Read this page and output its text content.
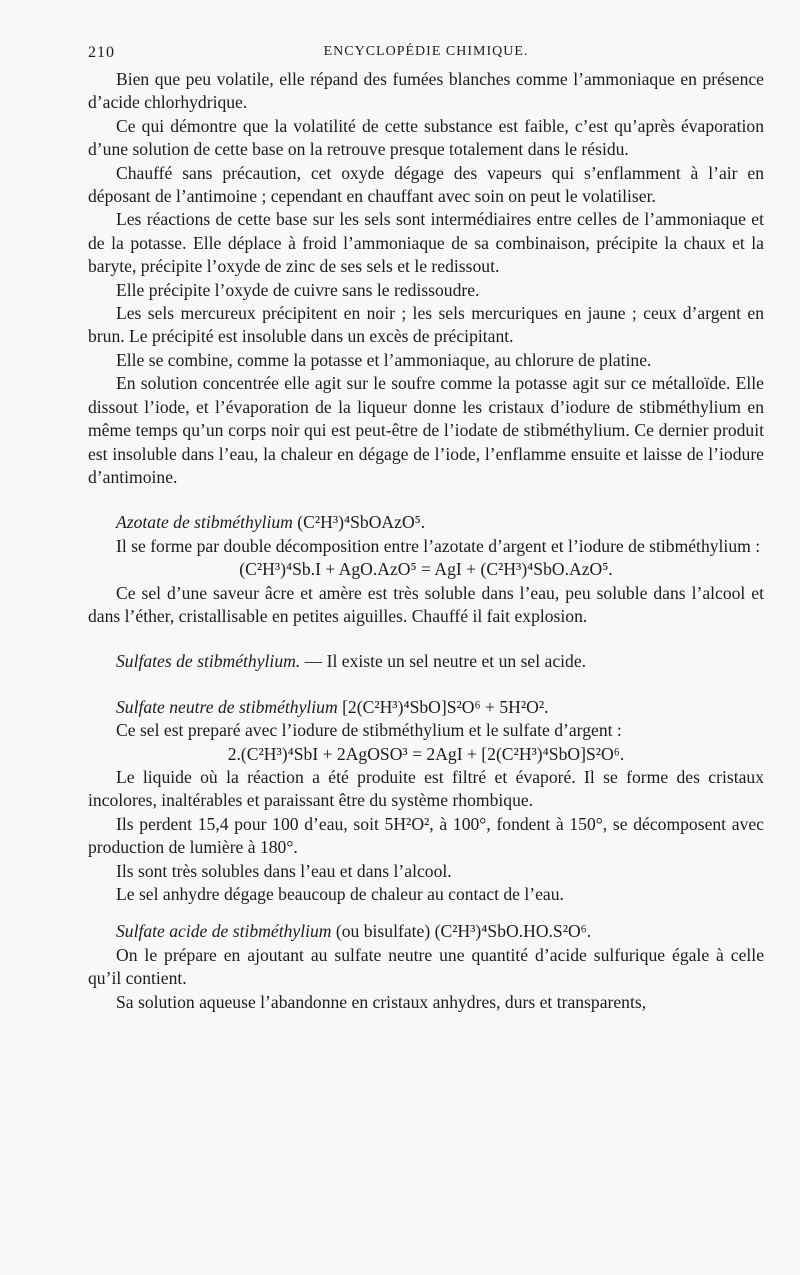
210	ENCYCLOPÉDIE CHIMIQUE.

Bien que peu volatile, elle répand des fumées blanches comme l’ammoniaque en présence d’acide chlorhydrique.

Ce qui démontre que la volatilité de cette substance est faible, c’est qu’après évaporation d’une solution de cette base on la retrouve presque totalement dans le résidu.

Chauffé sans précaution, cet oxyde dégage des vapeurs qui s’enflamment à l’air en déposant de l’antimoine ; cependant en chauffant avec soin on peut le volatiliser.

Les réactions de cette base sur les sels sont intermédiaires entre celles de l’ammoniaque et de la potasse. Elle déplace à froid l’ammoniaque de sa combinaison, précipite la chaux et la baryte, précipite l’oxyde de zinc de ses sels et le redissout.

Elle précipite l’oxyde de cuivre sans le redissoudre.

Les sels mercureux précipitent en noir ; les sels mercuriques en jaune ; ceux d’argent en brun. Le précipité est insoluble dans un excès de précipitant.

Elle se combine, comme la potasse et l’ammoniaque, au chlorure de platine.

En solution concentrée elle agit sur le soufre comme la potasse agit sur ce métalloïde. Elle dissout l’iode, et l’évaporation de la liqueur donne les cristaux d’iodure de stibméthylium en même temps qu’un corps noir qui est peut-être de l’iodate de stibméthylium. Ce dernier produit est insoluble dans l’eau, la chaleur en dégage de l’iode, l’enflamme ensuite et laisse de l’iodure d’antimoine.

Azotate de stibméthylium (C²H³)⁴SbOAzO⁵.

Il se forme par double décomposition entre l’azotate d’argent et l’iodure de stibméthylium :

(C²H³)⁴Sb.I + AgO.AzO⁵ = AgI + (C²H³)⁴SbO.AzO⁵.

Ce sel d’une saveur âcre et amère est très soluble dans l’eau, peu soluble dans l’alcool et dans l’éther, cristallisable en petites aiguilles. Chauffé il fait explosion.

Sulfates de stibméthylium. — Il existe un sel neutre et un sel acide.

Sulfate neutre de stibméthylium [2(C²H³)⁴SbO]S²O⁶ + 5H²O².

Ce sel est preparé avec l’iodure de stibméthylium et le sulfate d’argent :

2.(C²H³)⁴SbI + 2AgOSO³ = 2AgI + [2(C²H³)⁴SbO]S²O⁶.

Le liquide où la réaction a été produite est filtré et évaporé. Il se forme des cristaux incolores, inaltérables et paraissant être du système rhombique.

Ils perdent 15,4 pour 100 d’eau, soit 5H²O², à 100°, fondent à 150°, se décomposent avec production de lumière à 180°.

Ils sont très solubles dans l’eau et dans l’alcool.

Le sel anhydre dégage beaucoup de chaleur au contact de l’eau.

Sulfate acide de stibméthylium (ou bisulfate) (C²H³)⁴SbO.HO.S²O⁶.

On le prépare en ajoutant au sulfate neutre une quantité d’acide sulfurique égale à celle qu’il contient.

Sa solution aqueuse l’abandonne en cristaux anhydres, durs et transparents,
